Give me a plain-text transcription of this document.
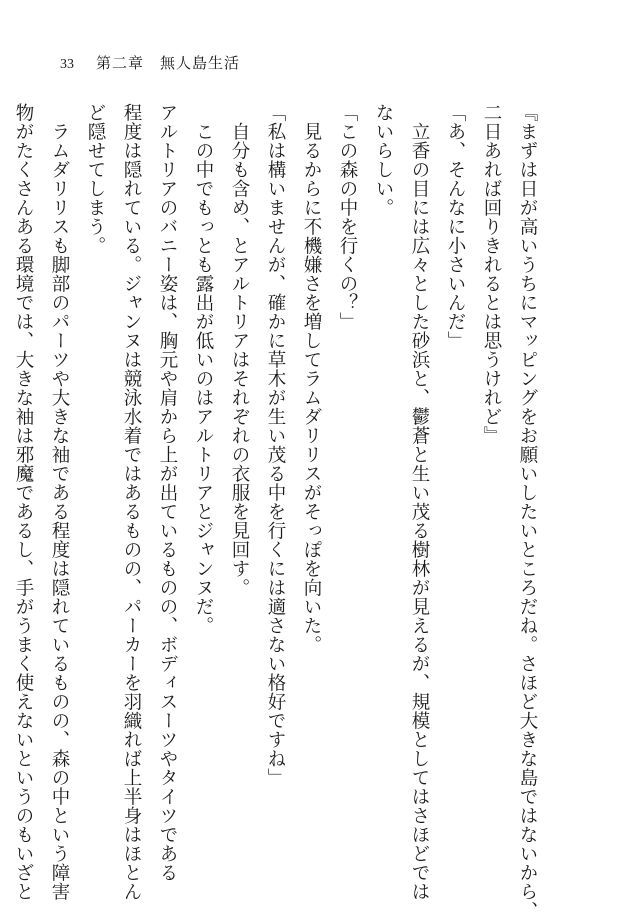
33 第二章 無人島生活
『まずは日が高いうちにマッピングをお願いしたいところだね。さほど大きな島ではないから、
二日あれば回りきれるとは思うけれど』
「あ、そんなに小さいんだ」
立香の目には広々とした砂浜と、鬱蒼と生い茂る樹林が見えるが、規模としてはさほどでは
ないらしい。
「この森の中を行くの？」
見るからに不機嫌さを増してラムダリリスがそっぽを向いた。
「私は構いませんが、確かに草木が生い茂る中を行くには適さない格好ですね」
自分も含め、とアルトリアはそれぞれの衣服を見回す。
この中でもっとも露出が低いのはアルトリアとジャンヌだ。
アルトリアのバニー姿は、胸元や肩から上が出ているものの、ボディスーツやタイツである
程度は隠れている。ジャンヌは競泳水着ではあるものの、パーカーを羽織れば上半身はほとん
ど隠せてしまう。
ラムダリリスも脚部のパーツや大きな袖である程度は隠れているものの、森の中という障害
物がたくさんある環境では、大きな袖は邪魔であるし、手がうまく使えないというのもいざと
